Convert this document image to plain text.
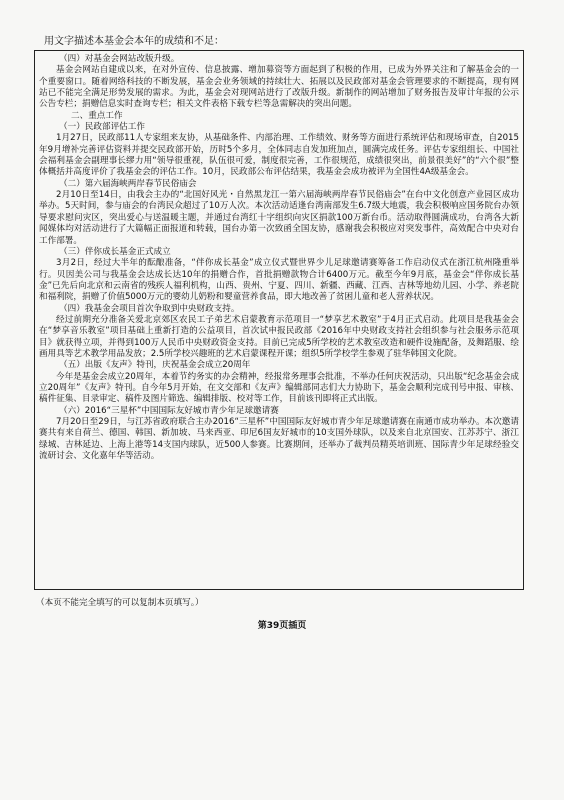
用文字描述本基金会本年的成绩和不足：

（四）对基金会网站改版升级。

基金会网站自建成以来，在对外宣传、信息披露、增加募资等方面起到了积极的作用，已成为外界关注和了解基金会的一个重要窗口。随着网络科技的不断发展，基金会业务领域的持续壮大、拓展以及民政部对基金会管理要求的不断提高，现有网站已不能完全满足形势发展的需求。为此，基金会对现网站进行了改版升级。新制作的网站增加了财务报告及审计年报的公示公告专栏；捐赠信息实时查询专栏；相关文件表格下载专栏等急需解决的突出问题。

二、重点工作

（一）民政部评估工作

1月27日，民政部11人专家组来友协，从基础条件、内部治理、工作绩效、财务等方面进行系统评估和现场审查，自2015年9月增补完善评估资料并提交民政部开始，历时5个多月，全体同志自发加班加点，圆满完成任务。评估专家组组长、中国社会福利基金会副理事长缪力用“领导很重视，队伍很可爱，制度很完善，工作很规范，成绩很突出，前景很美好”的“六个很”整体概括并高度评价了我基金会的评估工作。10月，民政部公布评估结果，我基金会成功被评为全国性4A级基金会。

（二）第六届海峡两岸春节民俗庙会

2月10日至14日，由我会主办的“北国好风光・自然黑龙江一第六届海峡两岸春节民俗庙会”在台中文化创意产业园区成功举办。5天时间，参与庙会的台湾民众超过了10万人次。本次活动适逢台湾南部发生6.7级大地震，我会积极响应国务院台办领导要求慰问灾区，突出爱心与送温暖主题，并通过台湾红十字组织向灾区捐款100万新台币。活动取得圆满成功，台湾各大新闻媒体均对活动进行了大篇幅正面报道和转载，国台办第一次致函全国友协，感谢我会积极应对突发事件，高效配合中央对台工作部署。

（三）伴你成长基金正式成立

3月2日，经过大半年的酝酿准备，“伴你成长基金”成立仪式暨世界少儿足球邀请赛筹备工作启动仪式在浙江杭州隆重举行。贝因美公司与我基金会达成长达10年的捐赠合作，首批捐赠款物合计6400万元。截至今年9月底，基金会“伴你成长基金”已先后向北京和云南省的残疾人福利机构，山西、贵州、宁夏、四川、新疆、西藏、江西、吉林等地幼儿园、小学、养老院和福利院，捐赠了价值5000万元的婴幼儿奶粉和婴童营养食品，即大地改善了贫困儿童和老人营养状况。

（四）我基金会项目首次争取到中央财政支持。

经过前期充分准备关爱北京郊区农民工子弟艺术启蒙教育示范项目一“梦享艺术教室”于4月正式启动。此项目是我基金会在“梦享音乐教室”项目基础上重新打造的公益项目，首次试申报民政部《2016年中央财政支持社会组织参与社会服务示范项目》就获得立项，并得到100万人民币中央财政资金支持。目前已完成5所学校的艺术教室改造和硬件设施配备，及舞蹈服、绘画用具等艺术教学用品发放；2.5所学校兴趣班的艺术启蒙课程开课；组织5所学校学生参观了驻华韩国文化院。

（五）出版《友声》特刊，庆祝基金会成立20周年

今年是基金会成立20周年，本着节约务实的办会精神，经报常务理事会批准，不举办任何庆祝活动，只出版“纪念基金会成立20周年”《友声》特刊。自今年5月开始，在文交部和《友声》编辑部同志们大力协助下，基金会顺利完成刊号申报、审核、稿件征集、目录审定、稿件及图片筛选、编辑排版、校对等工作，目前该刊即将正式出版。

（六）2016“三星杯”中国国际友好城市青少年足球邀请赛

7月20日至29日，与江苏省政府联合主办2016“三星杯”中国国际友好城市青少年足球邀请赛在南通市成功举办。本次邀请赛共有来自荷兰、德国、韩国、新加坡、马来西亚、印尼6国友好城市的10支国外球队，以及来自北京国安、江苏苏宁、浙江绿城、吉林延边、上海上港等14支国内球队，近500人参赛。比赛期间，还举办了裁判员精英培训班、国际青少年足球经验交流研讨会、文化嘉年华等活动。

（本页不能完全填写的可以复制本页填写。）
第39页插页
